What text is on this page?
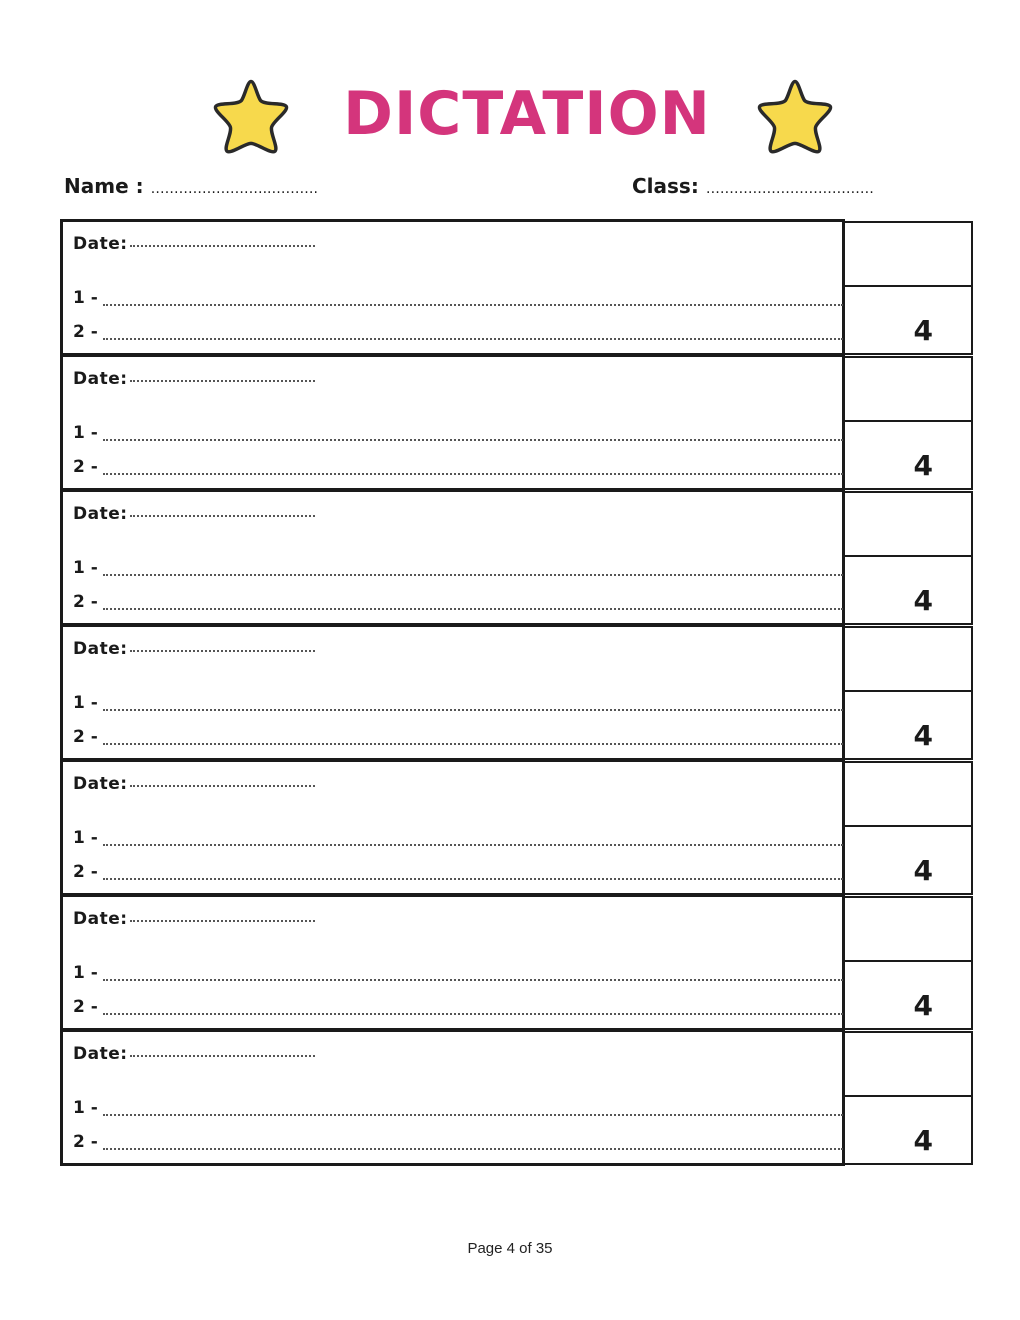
DICTATION
Name : ……………………..……….	Class: ………………………………
Date:
1 -
2 -	4
Date:
1 -
2 -	4
Date:
1 -
2 -	4
Date:
1 -
2 -	4
Date:
1 -
2 -	4
Date:
1 -
2 -	4
Date:
1 -
2 -	4
Page 4 of 35
